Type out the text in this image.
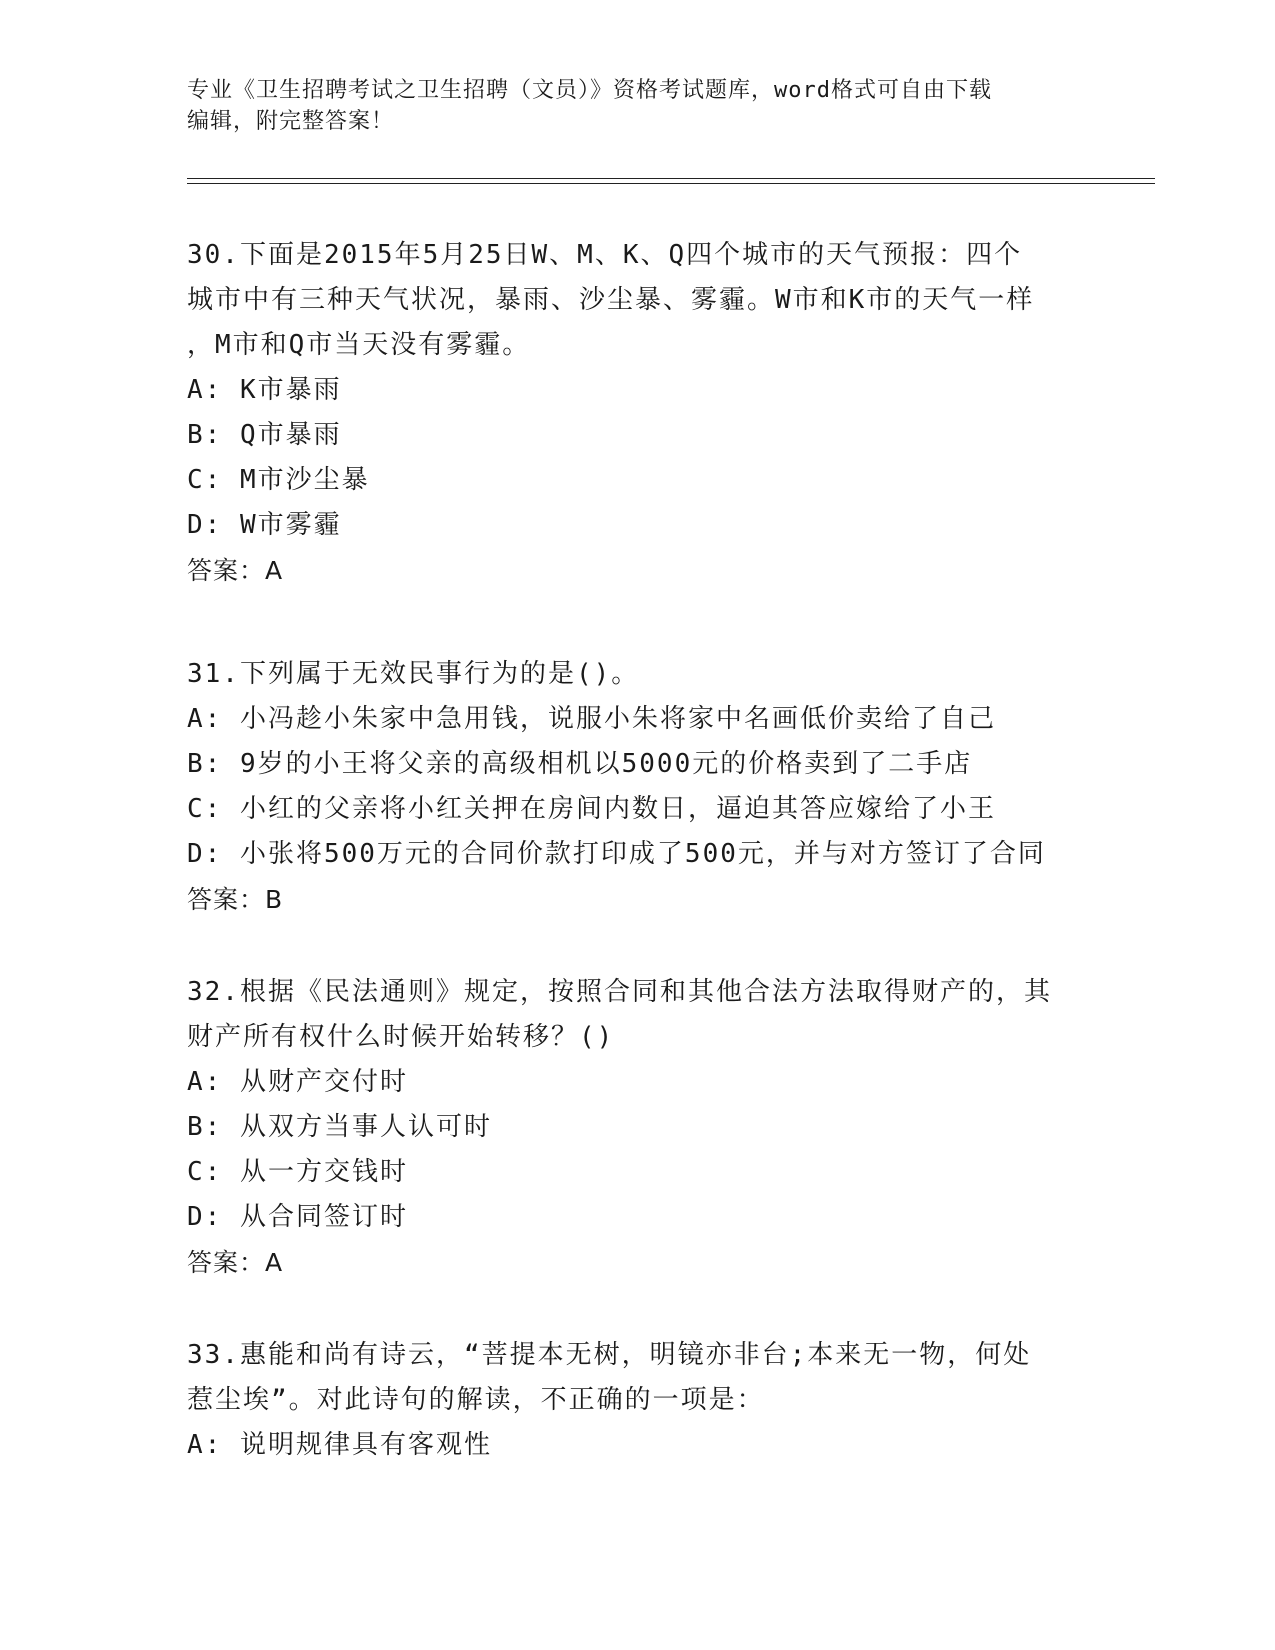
专业《卫生招聘考试之卫生招聘（文员）》资格考试题库，word格式可自由下载
编辑，附完整答案！

30.下面是2015年5月25日W、M、K、Q四个城市的天气预报：四个

城市中有三种天气状况，暴雨、沙尘暴、雾霾。W市和K市的天气一样

，M市和Q市当天没有雾霾。

A: K市暴雨

B: Q市暴雨

C: M市沙尘暴

D: W市雾霾

答案：A

31.下列属于无效民事行为的是()。

A: 小冯趁小朱家中急用钱，说服小朱将家中名画低价卖给了自己

B: 9岁的小王将父亲的高级相机以5000元的价格卖到了二手店

C: 小红的父亲将小红关押在房间内数日，逼迫其答应嫁给了小王

D: 小张将500万元的合同价款打印成了500元，并与对方签订了合同

答案：B

32.根据《民法通则》规定，按照合同和其他合法方法取得财产的，其

财产所有权什么时候开始转移？()

A: 从财产交付时

B: 从双方当事人认可时

C: 从一方交钱时

D: 从合同签订时

答案：A

33.惠能和尚有诗云，“菩提本无树，明镜亦非台;本来无一物，何处

惹尘埃”。对此诗句的解读，不正确的一项是：

A: 说明规律具有客观性
